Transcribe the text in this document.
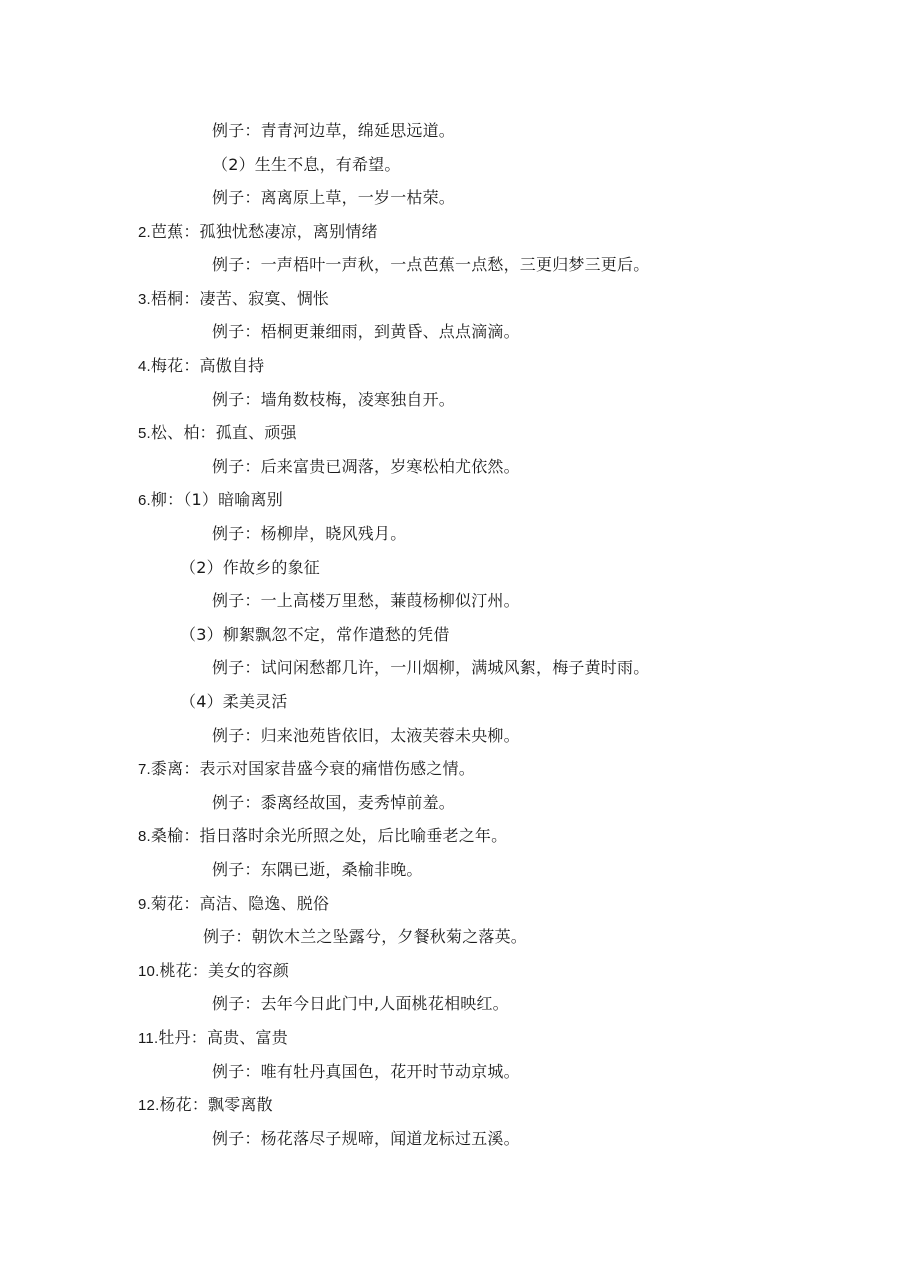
例子：青青河边草，绵延思远道。
（2）生生不息，有希望。
例子：离离原上草，一岁一枯荣。
2.芭蕉：孤独忧愁凄凉，离别情绪
例子：一声梧叶一声秋，一点芭蕉一点愁，三更归梦三更后。
3.梧桐：凄苦、寂寞、惆怅
例子：梧桐更兼细雨，到黄昏、点点滴滴。
4.梅花：高傲自持
例子：墙角数枝梅，凌寒独自开。
5.松、柏：孤直、顽强
例子：后来富贵已凋落，岁寒松柏尤依然。
6.柳：（1）暗喻离别
例子：杨柳岸，晓风残月。
（2）作故乡的象征
例子：一上高楼万里愁，蒹葭杨柳似汀州。
（3）柳絮飘忽不定，常作遣愁的凭借
例子：试问闲愁都几许，一川烟柳，满城风絮，梅子黄时雨。
（4）柔美灵活
例子：归来池苑皆依旧，太液芙蓉未央柳。
7.黍离：表示对国家昔盛今衰的痛惜伤感之情。
例子：黍离经故国，麦秀悼前羞。
8.桑榆：指日落时余光所照之处，后比喻垂老之年。
例子：东隅已逝，桑榆非晚。
9.菊花：高洁、隐逸、脱俗
例子：朝饮木兰之坠露兮，夕餐秋菊之落英。
10.桃花：美女的容颜
例子：去年今日此门中,人面桃花相映红。
11.牡丹：高贵、富贵
例子：唯有牡丹真国色，花开时节动京城。
12.杨花：飘零离散
例子：杨花落尽子规啼，闻道龙标过五溪。
